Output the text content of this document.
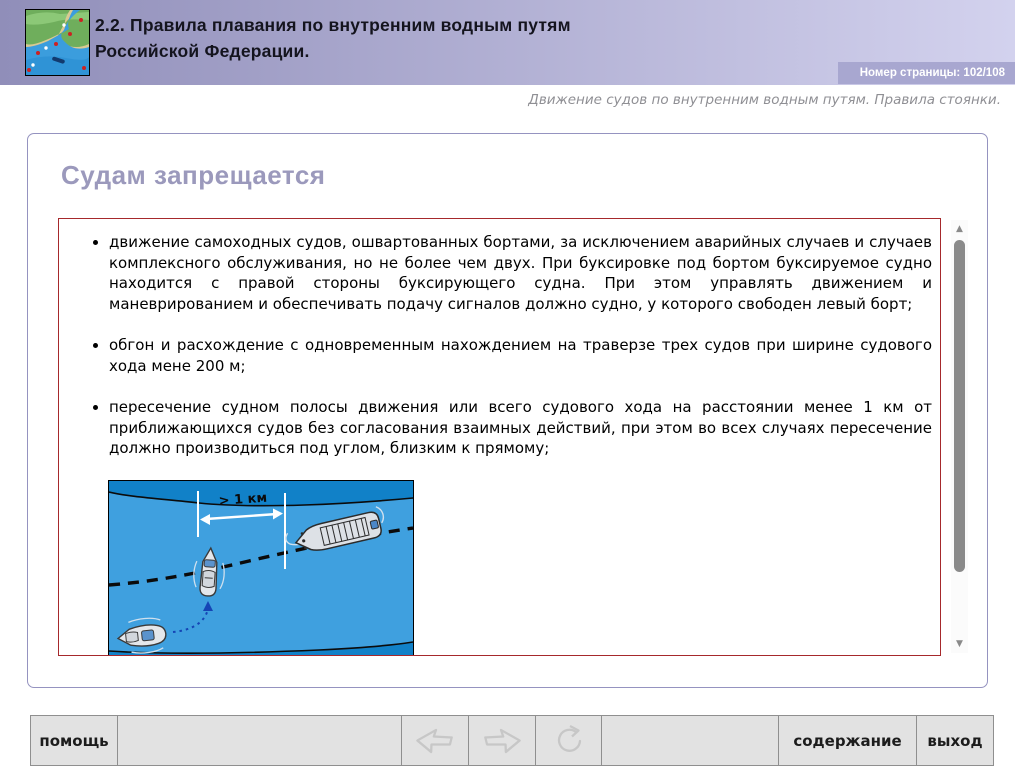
2.2. Правила плавания по внутренним водным путям
Российской Федерации.
Номер страницы: 102/108
Движение судов по внутренним водным путям. Правила стоянки.
Судам запрещается
• движение самоходных судов, ошвартованных бортами, за исключением аварийных случаев и случаев комплексного обслуживания, но не более чем двух. При буксировке под бортом буксируемое судно находится с правой стороны буксирующего судна. При этом управлять движением и маневрированием и обеспечивать подачу сигналов должно судно, у которого свободен левый борт;
• обгон и расхождение с одновременным нахождением на траверзе трех судов при ширине судового хода мене 200 м;
• пересечение судном полосы движения или всего судового хода на расстоянии менее 1 км от приближающихся судов без согласования взаимных действий, при этом во всех случаях пересечение должно производиться под углом, близким к прямому;
> 1 км
▲
▼
помощь	содержание	выход
